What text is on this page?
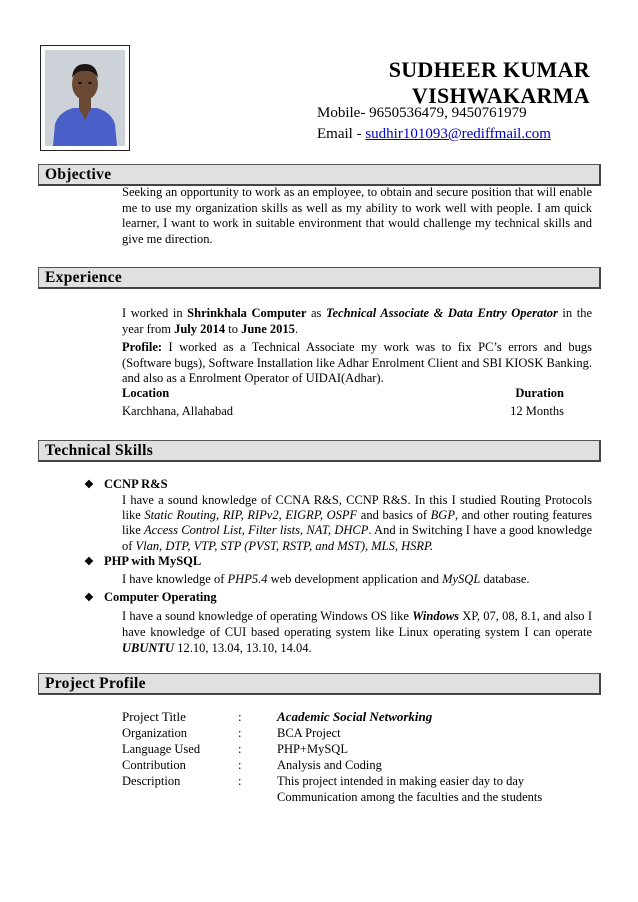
SUDHEER KUMAR
VISHWAKARMA
Mobile- 9650536479, 9450761979
Email - sudhir101093@rediffmail.com
Objective

Seeking an opportunity to work as an employee, to obtain and secure position that will enable me to use my organization skills as well as my ability to work well with people. I am quick learner, I want to work in suitable environment that would challenge my technical skills and give me direction.

Experience

I worked in Shrinkhala Computer as Technical Associate & Data Entry Operator in the year from July 2014 to June 2015.

Profile: I worked as a Technical Associate my work was to fix PC’s errors and bugs (Software bugs), Software Installation like Adhar Enrolment Client and SBI KIOSK Banking. and also as a Enrolment Operator of UIDAI(Adhar).

Location	Duration
Karchhana, Allahabad	12 Months
Technical Skills
❖ CCNP R&S

I have a sound knowledge of CCNA R&S, CCNP R&S. In this I studied Routing Protocols like Static Routing, RIP, RIPv2, EIGRP, OSPF and basics of BGP, and other routing features like Access Control List, Filter lists, NAT, DHCP. And in Switching I have a good knowledge of Vlan, DTP, VTP, STP (PVST, RSTP, and MST), MLS, HSRP.

❖ PHP with MySQL

I have knowledge of PHP5.4 web development application and MySQL database.

❖ Computer Operating

I have a sound knowledge of operating Windows OS like Windows XP, 07, 08, 8.1, and also I have knowledge of CUI based operating system like Linux operating system I can operate UBUNTU 12.10, 13.04, 13.10, 14.04.

Project Profile
Project Title	:	Academic Social Networking
Organization	:	BCA Project
Language Used	:	PHP+MySQL
Contribution	:	Analysis and Coding
Description	:	This project intended in making easier day to day
Communication among the faculties and the students
